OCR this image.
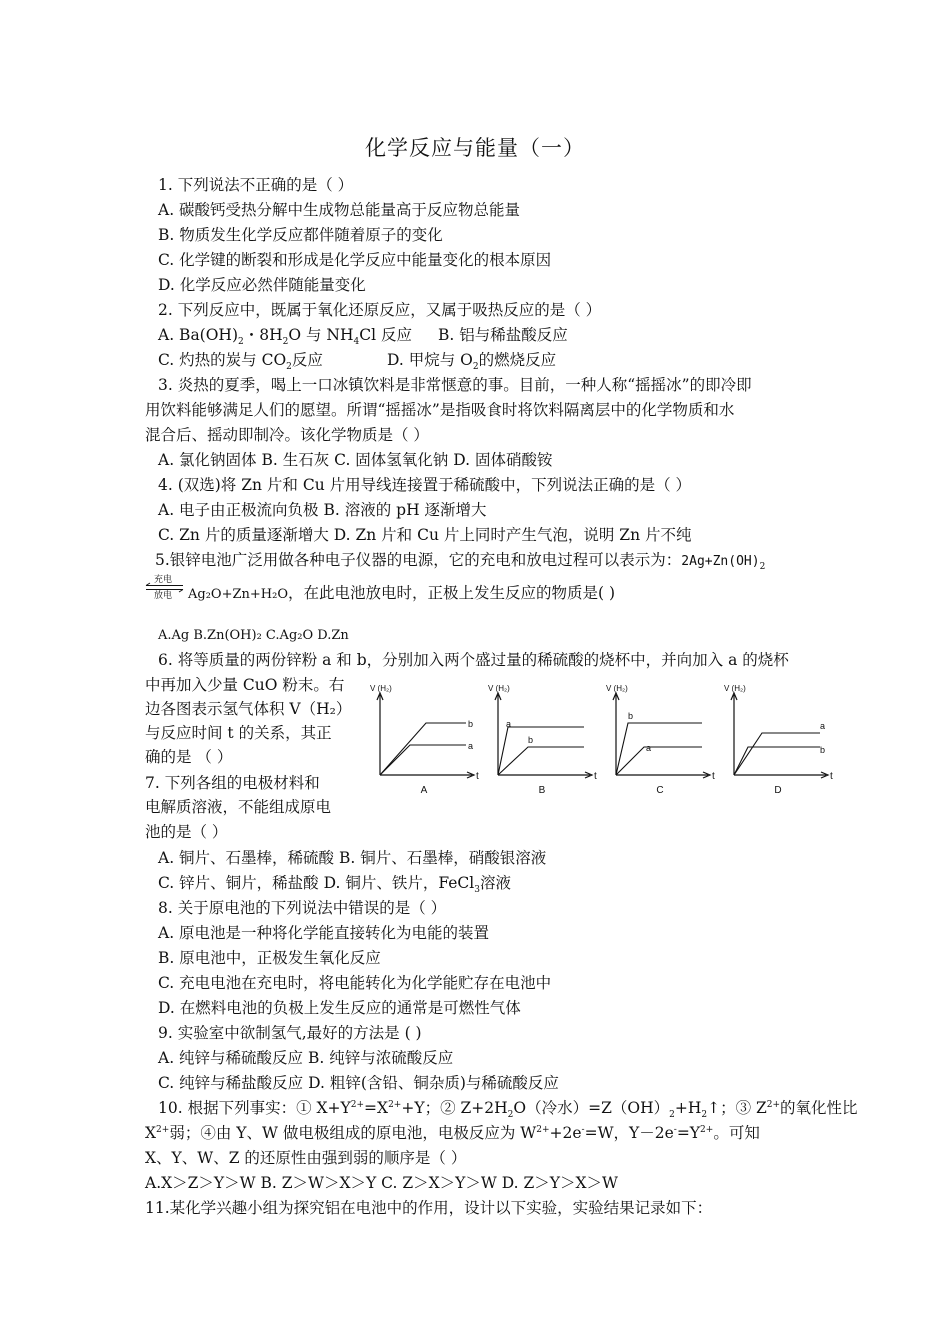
化学反应与能量（一）
1. 下列说法不正确的是（ ）
A. 碳酸钙受热分解中生成物总能量高于反应物总能量
B. 物质发生化学反应都伴随着原子的变化
C. 化学键的断裂和形成是化学反应中能量变化的根本原因
D. 化学反应必然伴随能量变化
2. 下列反应中，既属于氧化还原反应，又属于吸热反应的是（ ）
A. $Ba(OH)_2$・$8H_2O$ 与 $NH_4Cl$ 反应 B. 铝与稀盐酸反应
C. 灼热的炭与 $CO_2$反应	D. 甲烷与 $O_2$的燃烧反应
3. 炎热的夏季，喝上一口冰镇饮料是非常惬意的事。目前，一种人称“摇摇冰”的即冷即
用饮料能够满足人们的愿望。所谓“摇摇冰”是指吸食时将饮料隔离层中的化学物质和水
混合后、摇动即制冷。该化学物质是（ ）
A. 氯化钠固体 B. 生石灰 C. 固体氢氧化钠 D. 固体硝酸铵
4. (双选)将 Zn 片和 Cu 片用导线连接置于稀硫酸中，下列说法正确的是（ ）
A. 电子由正极流向负极 B. 溶液的 pH 逐渐增大
C. Zn 片的质量逐渐增大 D. Zn 片和 Cu 片上同时产生气泡，说明 Zn 片不纯
5.银锌电池广泛用做各种电子仪器的电源，它的充电和放电过程可以表示为：$2Ag+Zn(OH)_2$
充电
放电 Ag₂O+Zn+H₂O，在此电池放电时，正极上发生反应的物质是( )
A.Ag B.Zn(OH)₂ C.Ag₂O D.Zn
6. 将等质量的两份锌粉 a 和 b，分别加入两个盛过量的稀硫酸的烧杯中，并向加入 a 的烧杯
中再加入少量 CuO 粉末。右
边各图表示氢气体积 V（H₂）
与反应时间 t 的关系，其正
确的是 （ ）
V (H₂)
t
A
a
b
V (H₂)
t
B
a
b
V (H₂)
t
C
a
b
V (H₂)
t
D
a
b
7. 下列各组的电极材料和
电解质溶液，不能组成原电
池的是（ ）
A. 铜片、石墨棒，稀硫酸 B. 铜片、石墨棒，硝酸银溶液
C. 锌片、铜片，稀盐酸 D. 铜片、铁片，FeCl$_3$溶液
8. 关于原电池的下列说法中错误的是（ ）
A. 原电池是一种将化学能直接转化为电能的装置
B. 原电池中，正极发生氧化反应
C. 充电电池在充电时，将电能转化为化学能贮存在电池中
D. 在燃料电池的负极上发生反应的通常是可燃性气体
9. 实验室中欲制氢气,最好的方法是 ( )
A. 纯锌与稀硫酸反应 B. 纯锌与浓硫酸反应
C. 纯锌与稀盐酸反应 D. 粗锌(含铅、铜杂质)与稀硫酸反应
10. 根据下列事实：① $X+Y^{2+}=X^{2+}+Y$；② $Z+2H_2O$（冷水）$=Z(OH)_2+H_2↑$；③ $Z^{2+}$的氧化性比
$X^{2+}$弱；④由 Y、W 做电极组成的原电池，电极反应为 $W^{2+}+2e^-=W$，$Y-2e^-=Y^{2+}$。可知
X、Y、W、Z 的还原性由强到弱的顺序是（ ）
A.X＞Z＞Y＞W B. Z＞W＞X＞Y C. Z＞X＞Y＞W D. Z＞Y＞X＞W
11.某化学兴趣小组为探究铝在电池中的作用，设计以下实验，实验结果记录如下：
